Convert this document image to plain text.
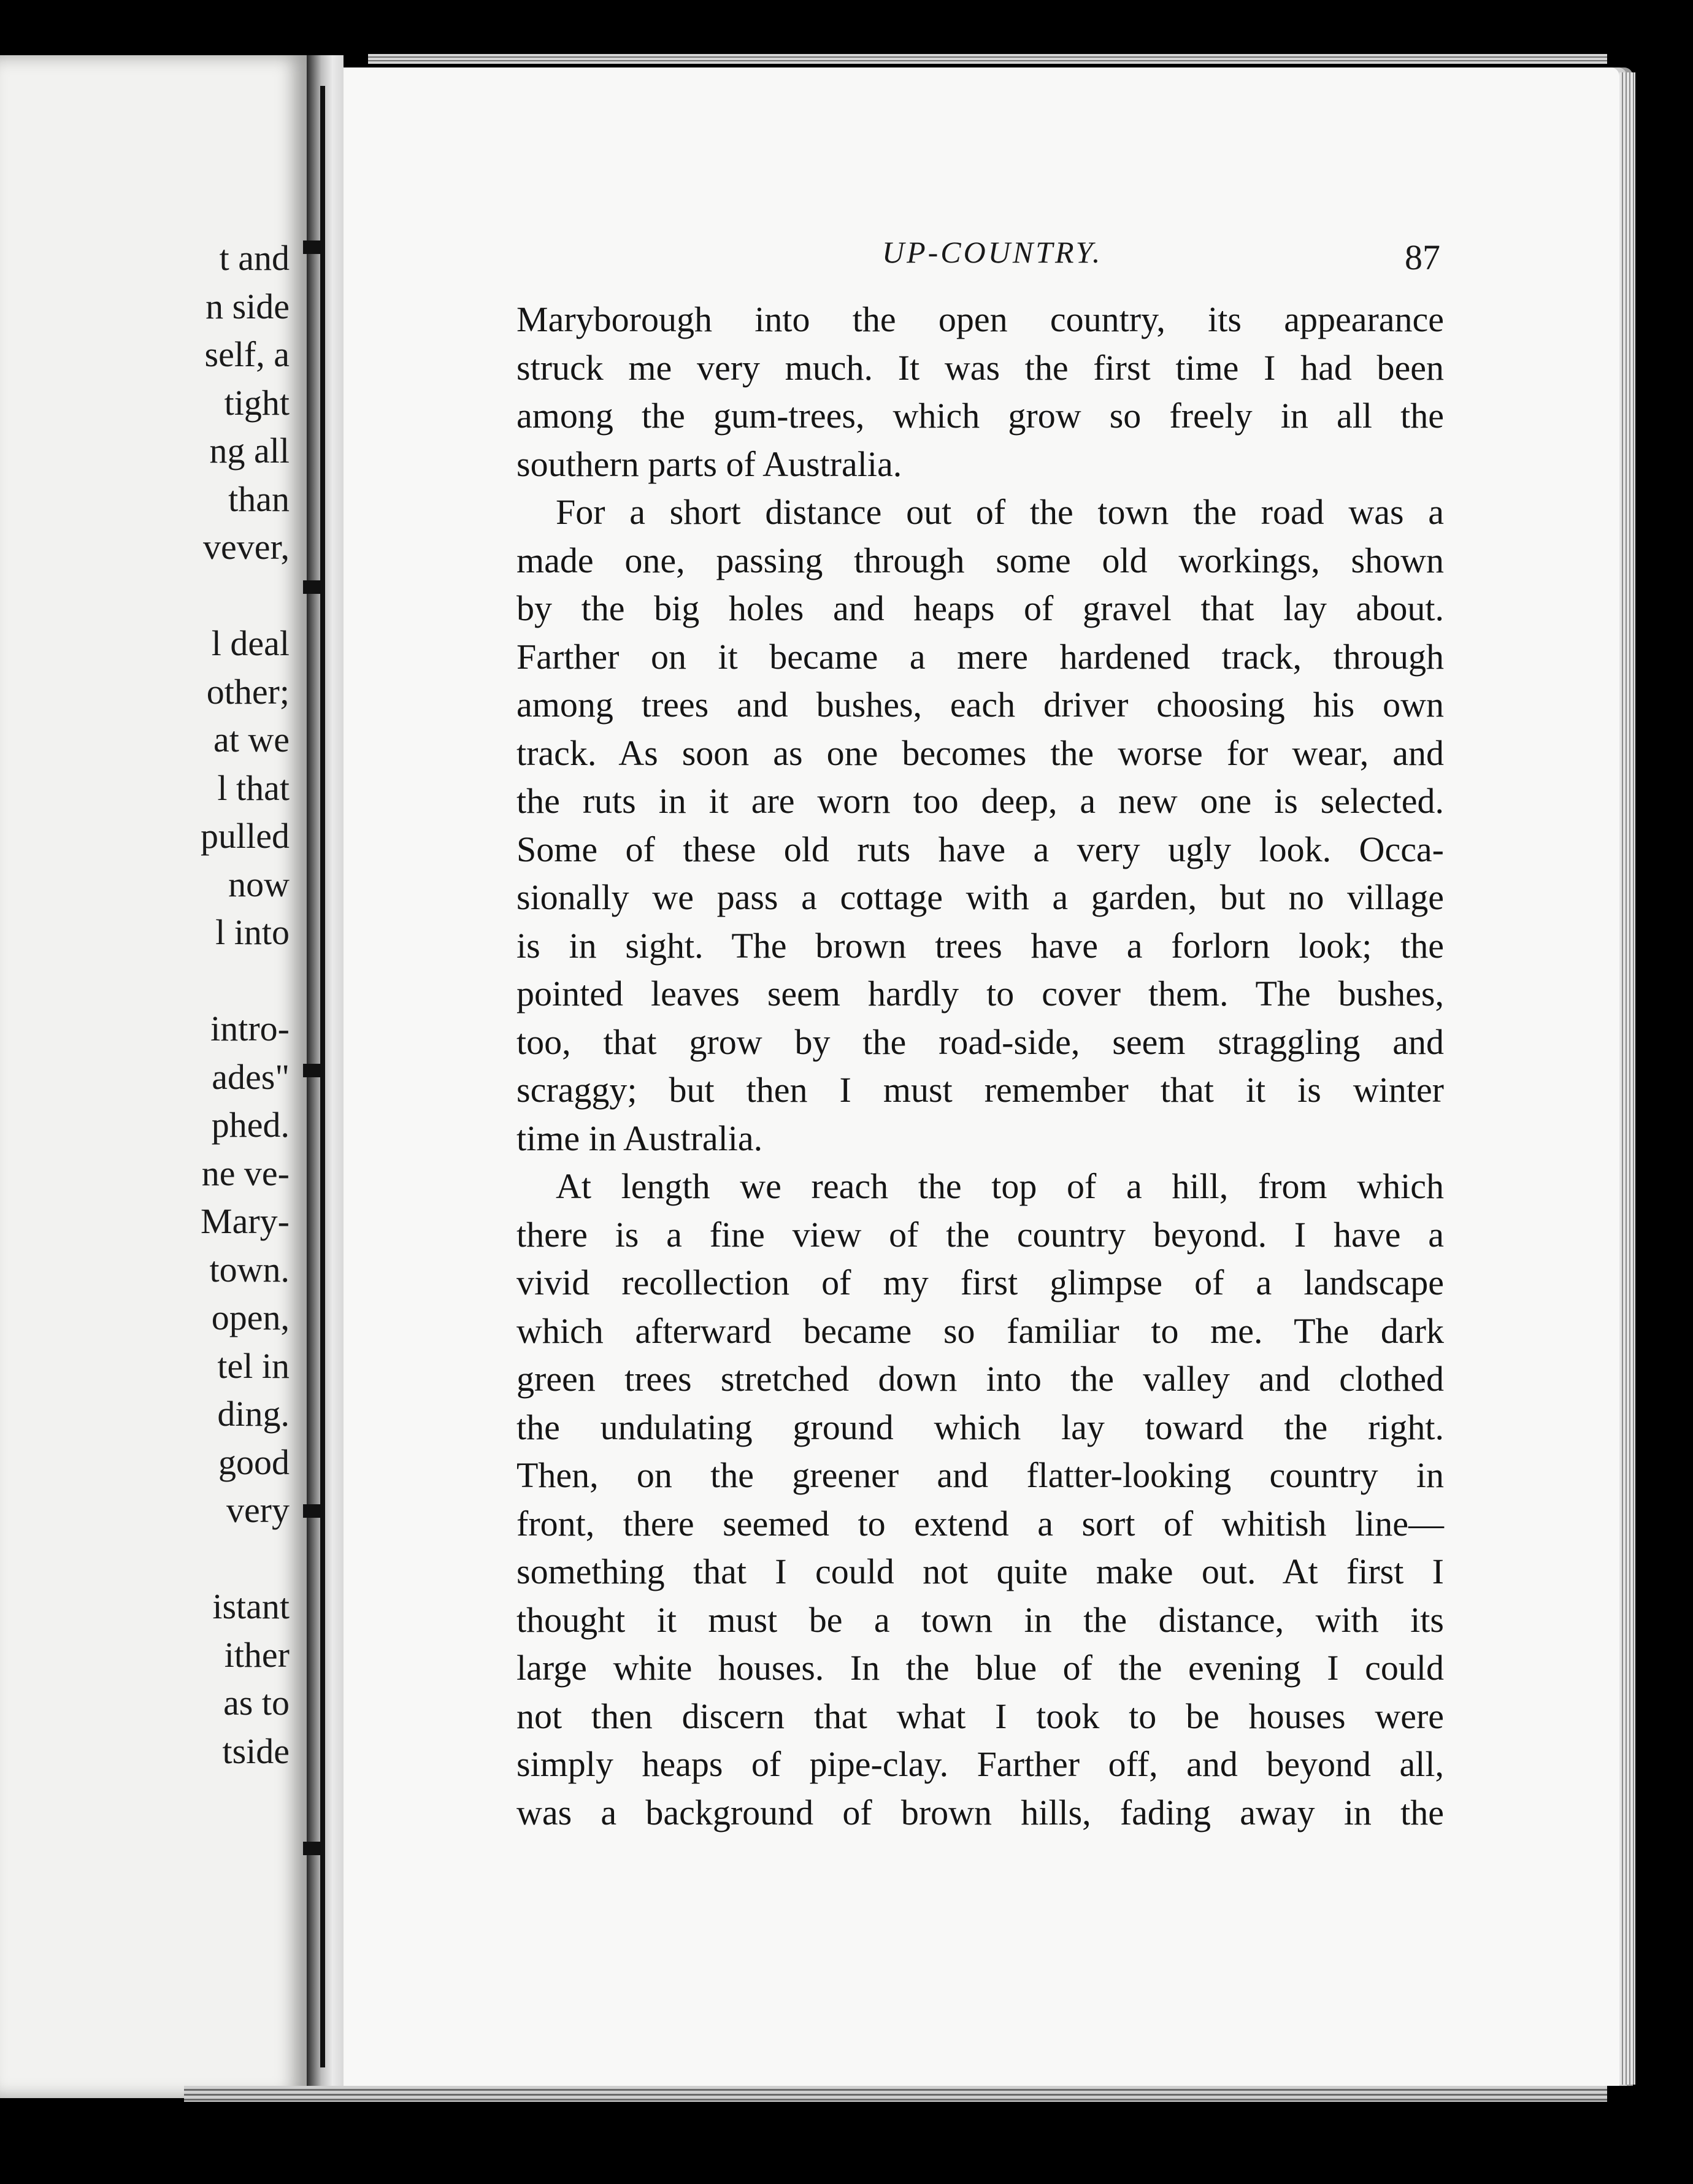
t and
n side
self, a
tight
ng all
than
vever,
l deal
other;
at we
l that
pulled
now
l into
intro-
ades"
phed.
ne ve-
Mary-
town.
open,
tel in
ding.
good
very
istant
ither
as to
tside
UP-COUNTRY.	87
Maryborough into the open country, its appearance
struck me very much. It was the first time I had been
among the gum-trees, which grow so freely in all the
southern parts of Australia.
For a short distance out of the town the road was a
made one, passing through some old workings, shown
by the big holes and heaps of gravel that lay about.
Farther on it became a mere hardened track, through
among trees and bushes, each driver choosing his own
track. As soon as one becomes the worse for wear, and
the ruts in it are worn too deep, a new one is selected.
Some of these old ruts have a very ugly look. Occa-
sionally we pass a cottage with a garden, but no village
is in sight. The brown trees have a forlorn look; the
pointed leaves seem hardly to cover them. The bushes,
too, that grow by the road-side, seem straggling and
scraggy; but then I must remember that it is winter
time in Australia.
At length we reach the top of a hill, from which
there is a fine view of the country beyond. I have a
vivid recollection of my first glimpse of a landscape
which afterward became so familiar to me. The dark
green trees stretched down into the valley and clothed
the undulating ground which lay toward the right.
Then, on the greener and flatter-looking country in
front, there seemed to extend a sort of whitish line—
something that I could not quite make out. At first I
thought it must be a town in the distance, with its
large white houses. In the blue of the evening I could
not then discern that what I took to be houses were
simply heaps of pipe-clay. Farther off, and beyond all,
was a background of brown hills, fading away in the
